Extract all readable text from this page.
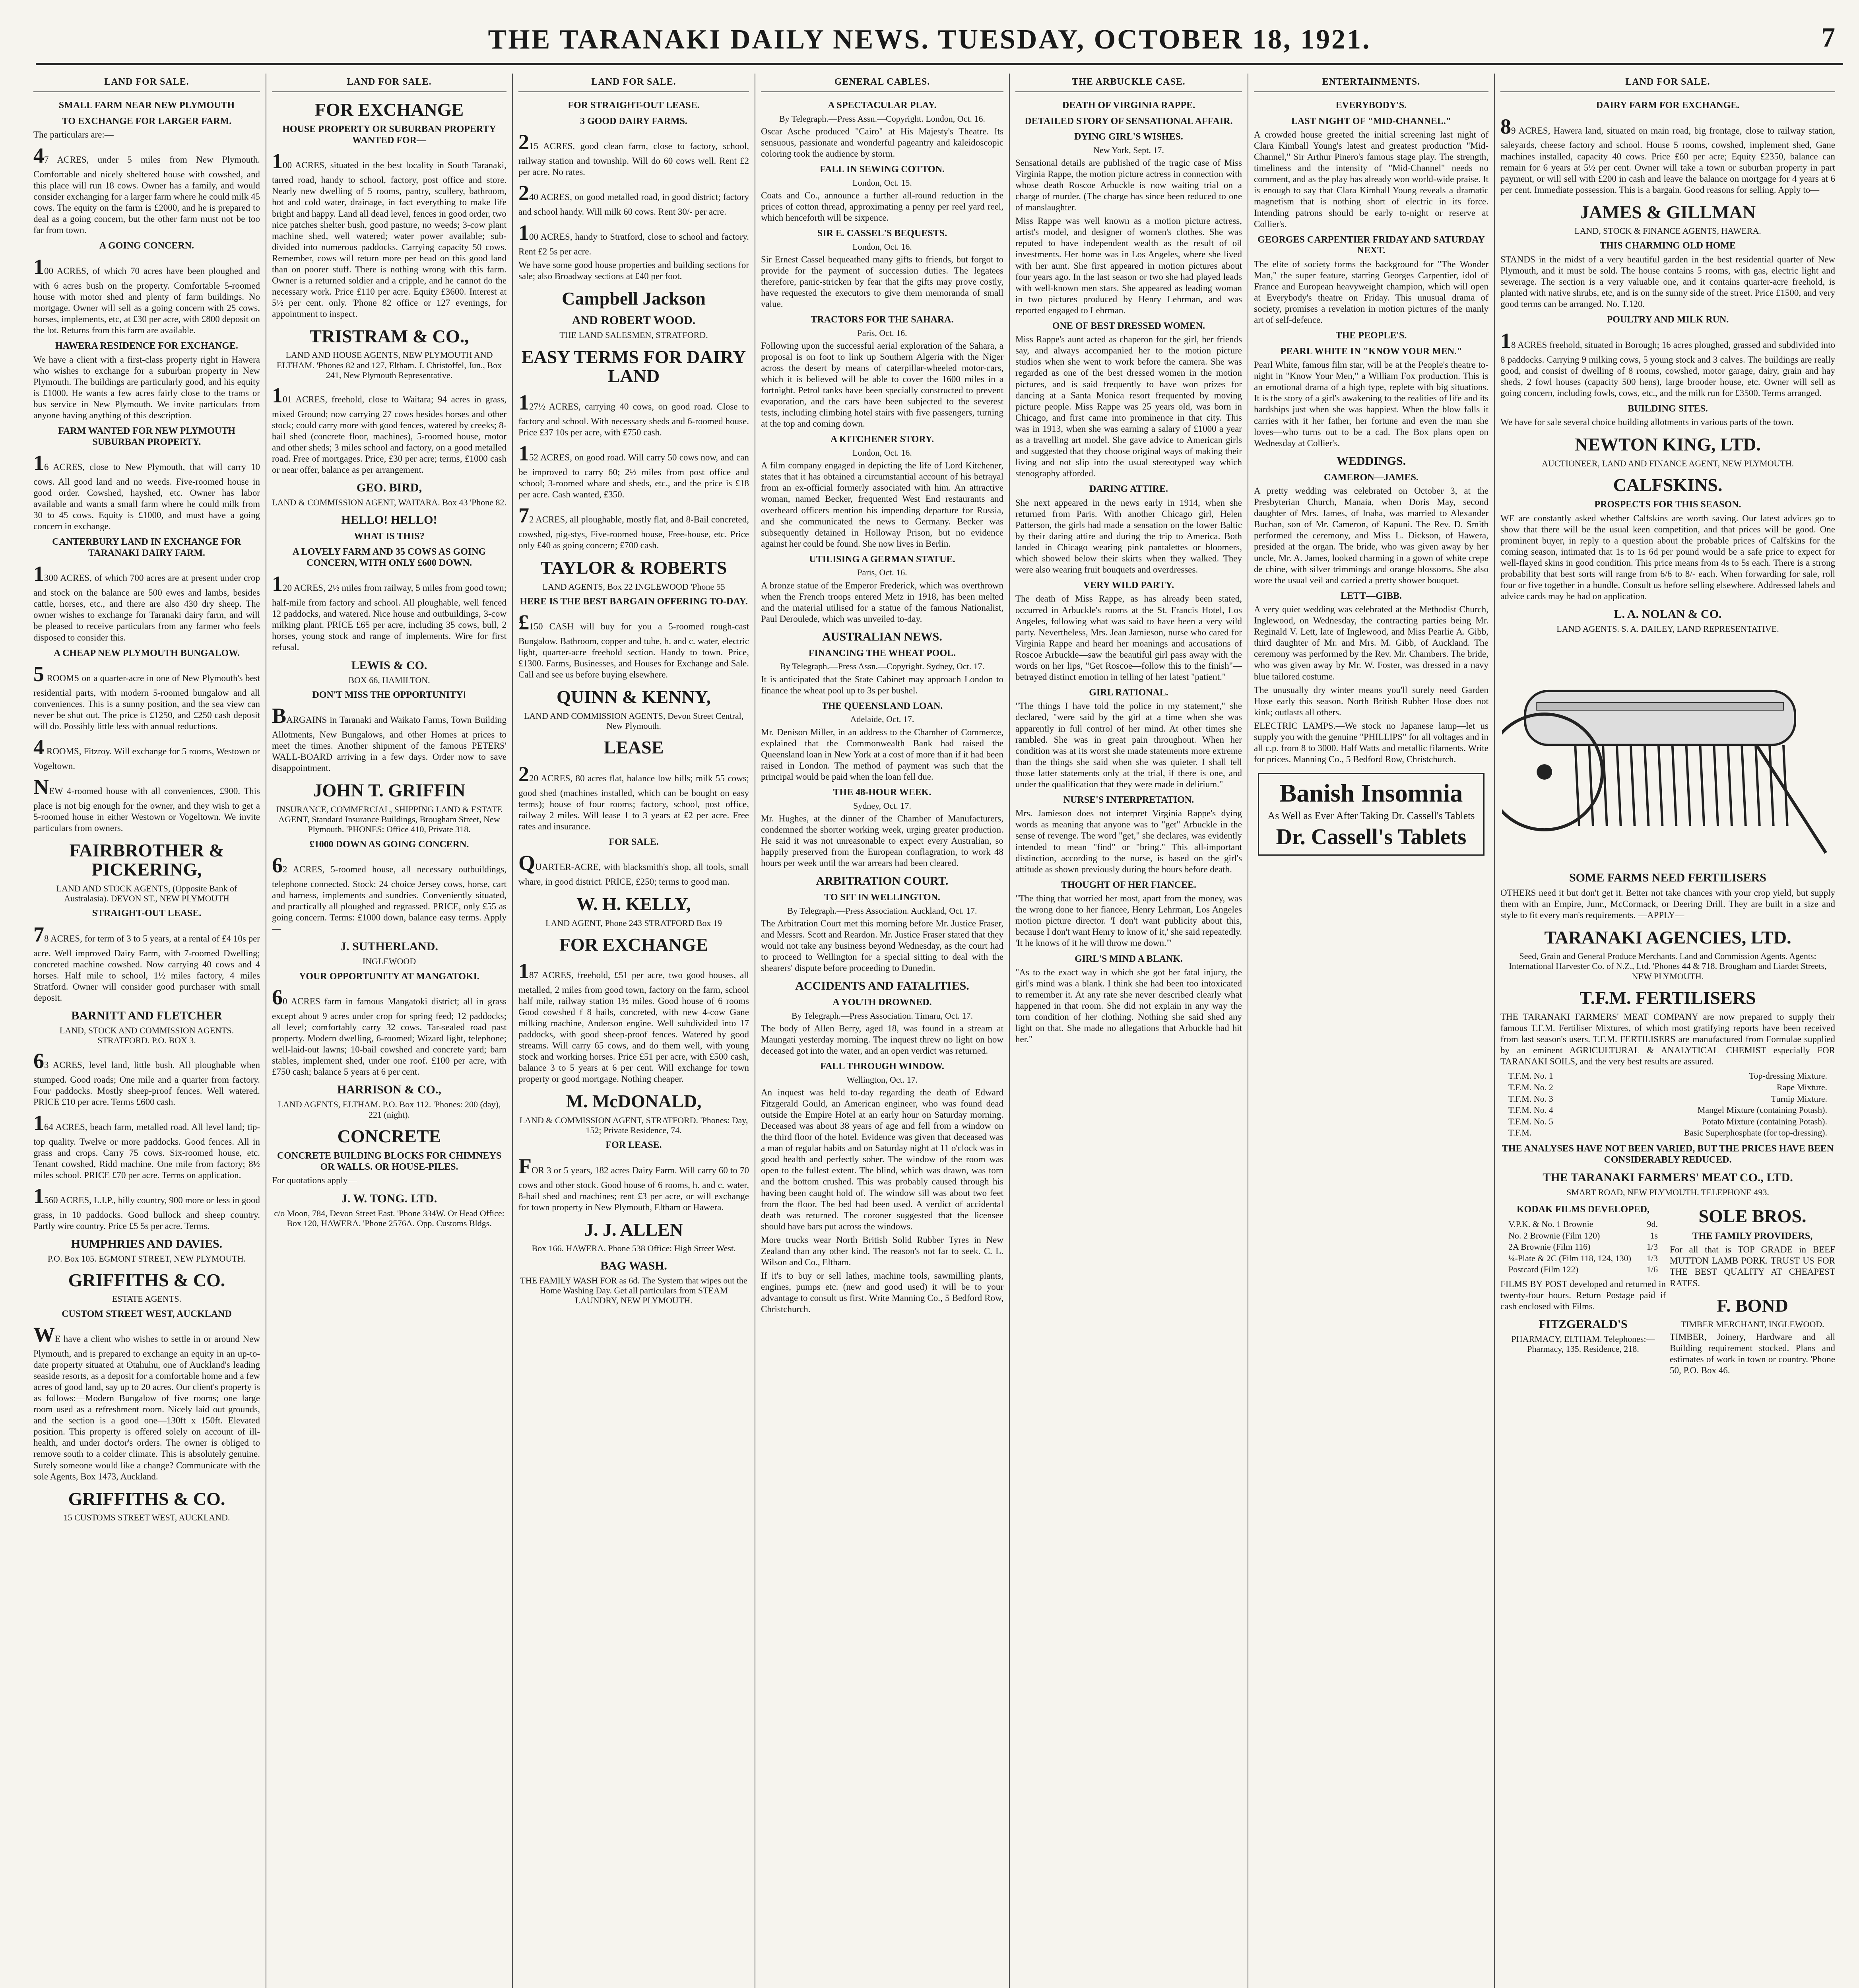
THE TARANAKI DAILY NEWS. TUESDAY, OCTOBER 18, 1921.	7
LAND FOR SALE.
SMALL FARM NEAR NEW PLYMOUTH
TO EXCHANGE FOR LARGER FARM.
The particulars are:—
47 ACRES, under 5 miles from New Plymouth. Comfortable and nicely sheltered house with cowshed, and this place will run 18 cows. Owner has a family, and would consider exchanging for a larger farm where he could milk 45 cows. The equity on the farm is £2000, and he is prepared to deal as a going concern, but the other farm must not be too far from town.
A GOING CONCERN.
100 ACRES, of which 70 acres have been ploughed and with 6 acres bush on the property. Comfortable 5-roomed house with motor shed and plenty of farm buildings. No mortgage. Owner will sell as a going concern with 25 cows, horses, implements, etc, at £30 per acre, with £800 deposit on the lot. Returns from this farm are available.
HAWERA RESIDENCE FOR EXCHANGE.
We have a client with a first-class property right in Hawera who wishes to exchange for a suburban property in New Plymouth. The buildings are particularly good, and his equity is £1000. He wants a few acres fairly close to the trams or bus service in New Plymouth. We invite particulars from anyone having anything of this description.
FARM WANTED FOR NEW PLYMOUTH SUBURBAN PROPERTY.
16 ACRES, close to New Plymouth, that will carry 10 cows. All good land and no weeds. Five-roomed house in good order. Cowshed, hayshed, etc. Owner has labor available and wants a small farm where he could milk from 30 to 45 cows. Equity is £1000, and must have a going concern in exchange.
CANTERBURY LAND IN EXCHANGE FOR TARANAKI DAIRY FARM.
1300 ACRES, of which 700 acres are at present under crop and stock on the balance are 500 ewes and lambs, besides cattle, horses, etc., and there are also 430 dry sheep. The owner wishes to exchange for Taranaki dairy farm, and will be pleased to receive particulars from any farmer who feels disposed to consider this.
A CHEAP NEW PLYMOUTH BUNGALOW.
5 ROOMS on a quarter-acre in one of New Plymouth's best residential parts, with modern 5-roomed bungalow and all conveniences. This is a sunny position, and the sea view can never be shut out. The price is £1250, and £250 cash deposit will do. Possibly little less with annual reductions.
4 ROOMS, Fitzroy. Will exchange for 5 rooms, Westown or Vogeltown.
NEW 4-roomed house with all conveniences, £900. This place is not big enough for the owner, and they wish to get a 5-roomed house in either Westown or Vogeltown. We invite particulars from owners.
FAIRBROTHER & PICKERING,
LAND AND STOCK AGENTS, (Opposite Bank of Australasia). DEVON ST., NEW PLYMOUTH
STRAIGHT-OUT LEASE.
78 ACRES, for term of 3 to 5 years, at a rental of £4 10s per acre. Well improved Dairy Farm, with 7-roomed Dwelling; concreted machine cowshed. Now carrying 40 cows and 4 horses. Half mile to school, 1½ miles factory, 4 miles Stratford. Owner will consider good purchaser with small deposit.
BARNITT AND FLETCHER
LAND, STOCK AND COMMISSION AGENTS. STRATFORD. P.O. BOX 3.
63 ACRES, level land, little bush. All ploughable when stumped. Good roads; One mile and a quarter from factory. Four paddocks. Mostly sheep-proof fences. Well watered. PRICE £10 per acre. Terms £600 cash.
164 ACRES, beach farm, metalled road. All level land; tip-top quality. Twelve or more paddocks. Good fences. All in grass and crops. Carry 75 cows. Six-roomed house, etc. Tenant cowshed, Ridd machine. One mile from factory; 8½ miles school. PRICE £70 per acre. Terms on application.
1560 ACRES, L.I.P., hilly country, 900 more or less in good grass, in 10 paddocks. Good bullock and sheep country. Partly wire country. Price £5 5s per acre. Terms.
HUMPHRIES AND DAVIES.
P.O. Box 105. EGMONT STREET, NEW PLYMOUTH.
GRIFFITHS & CO.
ESTATE AGENTS.
CUSTOM STREET WEST, AUCKLAND
WE have a client who wishes to settle in or around New Plymouth, and is prepared to exchange an equity in an up-to-date property situated at Otahuhu, one of Auckland's leading seaside resorts, as a deposit for a comfortable home and a few acres of good land, say up to 20 acres. Our client's property is as follows:—Modern Bungalow of five rooms; one large room used as a refreshment room. Nicely laid out grounds, and the section is a good one—130ft x 150ft. Elevated position. This property is offered solely on account of ill-health, and under doctor's orders. The owner is obliged to remove south to a colder climate. This is absolutely genuine. Surely someone would like a change? Communicate with the sole Agents, Box 1473, Auckland.
GRIFFITHS & CO.
15 CUSTOMS STREET WEST, AUCKLAND.
LAND FOR SALE.
FOR EXCHANGE
HOUSE PROPERTY OR SUBURBAN PROPERTY WANTED FOR—
100 ACRES, situated in the best locality in South Taranaki, tarred road, handy to school, factory, post office and store. Nearly new dwelling of 5 rooms, pantry, scullery, bathroom, hot and cold water, drainage, in fact everything to make life bright and happy. Land all dead level, fences in good order, two nice patches shelter bush, good pasture, no weeds; 3-cow plant machine shed, well watered; water power available; sub-divided into numerous paddocks. Carrying capacity 50 cows. Remember, cows will return more per head on this good land than on poorer stuff. There is nothing wrong with this farm. Owner is a returned soldier and a cripple, and he cannot do the necessary work. Price £110 per acre. Equity £3600. Interest at 5½ per cent. only. 'Phone 82 office or 127 evenings, for appointment to inspect.
TRISTRAM & CO.,
LAND AND HOUSE AGENTS, NEW PLYMOUTH AND ELTHAM. 'Phones 82 and 127, Eltham. J. Christoffel, Jun., Box 241, New Plymouth Representative.
101 ACRES, freehold, close to Waitara; 94 acres in grass, mixed Ground; now carrying 27 cows besides horses and other stock; could carry more with good fences, watered by creeks; 8-bail shed (concrete floor, machines), 5-roomed house, motor and other sheds; 3 miles school and factory, on a good metalled road. Free of mortgages. Price, £30 per acre; terms, £1000 cash or near offer, balance as per arrangement.
GEO. BIRD,
LAND & COMMISSION AGENT, WAITARA. Box 43 'Phone 82.
HELLO! HELLO!
WHAT IS THIS?
A LOVELY FARM AND 35 COWS AS GOING CONCERN, WITH ONLY £600 DOWN.
120 ACRES, 2½ miles from railway, 5 miles from good town; half-mile from factory and school. All ploughable, well fenced 12 paddocks, and watered. Nice house and outbuildings, 3-cow milking plant. PRICE £65 per acre, including 35 cows, bull, 2 horses, young stock and range of implements. Wire for first refusal.
LEWIS & CO.
BOX 66, HAMILTON.
DON'T MISS THE OPPORTUNITY!
BARGAINS in Taranaki and Waikato Farms, Town Building Allotments, New Bungalows, and other Homes at prices to meet the times. Another shipment of the famous PETERS' WALL-BOARD arriving in a few days. Order now to save disappointment.
JOHN T. GRIFFIN
INSURANCE, COMMERCIAL, SHIPPING LAND & ESTATE AGENT, Standard Insurance Buildings, Brougham Street, New Plymouth. 'PHONES: Office 410, Private 318.
£1000 DOWN AS GOING CONCERN.
62 ACRES, 5-roomed house, all necessary outbuildings, telephone connected. Stock: 24 choice Jersey cows, horse, cart and harness, implements and sundries. Conveniently situated, and practically all ploughed and regrassed. PRICE, only £55 as going concern. Terms: £1000 down, balance easy terms. Apply—
J. SUTHERLAND.
INGLEWOOD
YOUR OPPORTUNITY AT MANGATOKI.
60 ACRES farm in famous Mangatoki district; all in grass except about 9 acres under crop for spring feed; 12 paddocks; all level; comfortably carry 32 cows. Tar-sealed road past property. Modern dwelling, 6-roomed; Wizard light, telephone; well-laid-out lawns; 10-bail cowshed and concrete yard; barn stables, implement shed, under one roof. £100 per acre, with £750 cash; balance 5 years at 6 per cent.
HARRISON & CO.,
LAND AGENTS, ELTHAM. P.O. Box 112. 'Phones: 200 (day), 221 (night).
CONCRETE
CONCRETE BUILDING BLOCKS FOR CHIMNEYS OR WALLS. OR HOUSE-PILES.
For quotations apply—
J. W. TONG. LTD.
c/o Moon, 784, Devon Street East. 'Phone 334W. Or Head Office: Box 120, HAWERA. 'Phone 2576A. Opp. Customs Bldgs.
LAND FOR SALE.
FOR STRAIGHT-OUT LEASE.
3 GOOD DAIRY FARMS.
215 ACRES, good clean farm, close to factory, school, railway station and township. Will do 60 cows well. Rent £2 per acre. No rates.
240 ACRES, on good metalled road, in good district; factory and school handy. Will milk 60 cows. Rent 30/- per acre.
100 ACRES, handy to Stratford, close to school and factory. Rent £2 5s per acre.
We have some good house properties and building sections for sale; also Broadway sections at £40 per foot.
Campbell Jackson
AND ROBERT WOOD.
THE LAND SALESMEN, STRATFORD.
EASY TERMS FOR DAIRY LAND
127½ ACRES, carrying 40 cows, on good road. Close to factory and school. With necessary sheds and 6-roomed house. Price £37 10s per acre, with £750 cash.
152 ACRES, on good road. Will carry 50 cows now, and can be improved to carry 60; 2½ miles from post office and school; 3-roomed whare and sheds, etc., and the price is £18 per acre. Cash wanted, £350.
72 ACRES, all ploughable, mostly flat, and 8-Bail concreted, cowshed, pig-stys, Five-roomed house, Free-house, etc. Price only £40 as going concern; £700 cash.
TAYLOR & ROBERTS
LAND AGENTS, Box 22 INGLEWOOD 'Phone 55
HERE IS THE BEST BARGAIN OFFERING TO-DAY.
£150 CASH will buy for you a 5-roomed rough-cast Bungalow. Bathroom, copper and tube, h. and c. water, electric light, quarter-acre freehold section. Handy to town. Price, £1300. Farms, Businesses, and Houses for Exchange and Sale. Call and see us before buying elsewhere.
QUINN & KENNY,
LAND AND COMMISSION AGENTS, Devon Street Central, New Plymouth.
LEASE
220 ACRES, 80 acres flat, balance low hills; milk 55 cows; good shed (machines installed, which can be bought on easy terms); house of four rooms; factory, school, post office, railway 2 miles. Will lease 1 to 3 years at £2 per acre. Free rates and insurance.
FOR SALE.
QUARTER-ACRE, with blacksmith's shop, all tools, small whare, in good district. PRICE, £250; terms to good man.
W. H. KELLY,
LAND AGENT, Phone 243 STRATFORD Box 19
FOR EXCHANGE
187 ACRES, freehold, £51 per acre, two good houses, all metalled, 2 miles from good town, factory on the farm, school half mile, railway station 1½ miles. Good house of 6 rooms Good cowshed f 8 bails, concreted, with new 4-cow Gane milking machine, Anderson engine. Well subdivided into 17 paddocks, with good sheep-proof fences. Watered by good streams. Will carry 65 cows, and do them well, with young stock and working horses. Price £51 per acre, with £500 cash, balance 3 to 5 years at 6 per cent. Will exchange for town property or good mortgage. Nothing cheaper.
M. McDONALD,
LAND & COMMISSION AGENT, STRATFORD. 'Phones: Day, 152; Private Residence, 74.
FOR LEASE.
FOR 3 or 5 years, 182 acres Dairy Farm. Will carry 60 to 70 cows and other stock. Good house of 6 rooms, h. and c. water, 8-bail shed and machines; rent £3 per acre, or will exchange for town property in New Plymouth, Eltham or Hawera.
J. J. ALLEN
Box 166. HAWERA. Phone 538 Office: High Street West.
BAG WASH.
THE FAMILY WASH FOR as 6d. The System that wipes out the Home Washing Day. Get all particulars from STEAM LAUNDRY, NEW PLYMOUTH.
GENERAL CABLES.
A SPECTACULAR PLAY.
By Telegraph.—Press Assn.—Copyright. London, Oct. 16.
Oscar Asche produced "Cairo" at His Majesty's Theatre. Its sensuous, passionate and wonderful pageantry and kaleidoscopic coloring took the audience by storm.
FALL IN SEWING COTTON.
London, Oct. 15.
Coats and Co., announce a further all-round reduction in the prices of cotton thread, approximating a penny per reel yard reel, which henceforth will be sixpence.
SIR E. CASSEL'S BEQUESTS.
London, Oct. 16.
Sir Ernest Cassel bequeathed many gifts to friends, but forgot to provide for the payment of succession duties. The legatees therefore, panic-stricken by fear that the gifts may prove costly, have requested the executors to give them memoranda of small value.
TRACTORS FOR THE SAHARA.
Paris, Oct. 16.
Following upon the successful aerial exploration of the Sahara, a proposal is on foot to link up Southern Algeria with the Niger across the desert by means of caterpillar-wheeled motor-cars, which it is believed will be able to cover the 1600 miles in a fortnight. Petrol tanks have been specially constructed to prevent evaporation, and the cars have been subjected to the severest tests, including climbing hotel stairs with five passengers, turning at the top and coming down.
A KITCHENER STORY.
London, Oct. 16.
A film company engaged in depicting the life of Lord Kitchener, states that it has obtained a circumstantial account of his betrayal from an ex-official formerly associated with him. An attractive woman, named Becker, frequented West End restaurants and overheard officers mention his impending departure for Russia, and she communicated the news to Germany. Becker was subsequently detained in Holloway Prison, but no evidence against her could be found. She now lives in Berlin.
UTILISING A GERMAN STATUE.
Paris, Oct. 16.
A bronze statue of the Emperor Frederick, which was overthrown when the French troops entered Metz in 1918, has been melted and the material utilised for a statue of the famous Nationalist, Paul Deroulede, which was unveiled to-day.
AUSTRALIAN NEWS.
FINANCING THE WHEAT POOL.
By Telegraph.—Press Assn.—Copyright. Sydney, Oct. 17.
It is anticipated that the State Cabinet may approach London to finance the wheat pool up to 3s per bushel.
THE QUEENSLAND LOAN.
Adelaide, Oct. 17.
Mr. Denison Miller, in an address to the Chamber of Commerce, explained that the Commonwealth Bank had raised the Queensland loan in New York at a cost of more than if it had been raised in London. The method of payment was such that the principal would be paid when the loan fell due.
THE 48-HOUR WEEK.
Sydney, Oct. 17.
Mr. Hughes, at the dinner of the Chamber of Manufacturers, condemned the shorter working week, urging greater production. He said it was not unreasonable to expect every Australian, so happily preserved from the European conflagration, to work 48 hours per week until the war arrears had been cleared.
ARBITRATION COURT.
TO SIT IN WELLINGTON.
By Telegraph.—Press Association. Auckland, Oct. 17.
The Arbitration Court met this morning before Mr. Justice Fraser, and Messrs. Scott and Reardon. Mr. Justice Fraser stated that they would not take any business beyond Wednesday, as the court had to proceed to Wellington for a special sitting to deal with the shearers' dispute before proceeding to Dunedin.
ACCIDENTS AND FATALITIES.
A YOUTH DROWNED.
By Telegraph.—Press Association. Timaru, Oct. 17.
The body of Allen Berry, aged 18, was found in a stream at Maungati yesterday morning. The inquest threw no light on how deceased got into the water, and an open verdict was returned.
FALL THROUGH WINDOW.
Wellington, Oct. 17.
An inquest was held to-day regarding the death of Edward Fitzgerald Gould, an American engineer, who was found dead outside the Empire Hotel at an early hour on Saturday morning. Deceased was about 38 years of age and fell from a window on the third floor of the hotel. Evidence was given that deceased was a man of regular habits and on Saturday night at 11 o'clock was in good health and perfectly sober. The window of the room was open to the fullest extent. The blind, which was drawn, was torn and the bottom crushed. This was probably caused through his having been caught hold of. The window sill was about two feet from the floor. The bed had been used. A verdict of accidental death was returned. The coroner suggested that the licensee should have bars put across the windows.
More trucks wear North British Solid Rubber Tyres in New Zealand than any other kind. The reason's not far to seek. C. L. Wilson and Co., Eltham.
If it's to buy or sell lathes, machine tools, sawmilling plants, engines, pumps etc. (new and good used) it will be to your advantage to consult us first. Write Manning Co., 5 Bedford Row, Christchurch.
THE ARBUCKLE CASE.
DEATH OF VIRGINIA RAPPE.
DETAILED STORY OF SENSATIONAL AFFAIR.
DYING GIRL'S WISHES.
New York, Sept. 17.
Sensational details are published of the tragic case of Miss Virginia Rappe, the motion picture actress in connection with whose death Roscoe Arbuckle is now waiting trial on a charge of murder. (The charge has since been reduced to one of manslaughter.
Miss Rappe was well known as a motion picture actress, artist's model, and designer of women's clothes. She was reputed to have independent wealth as the result of oil investments. Her home was in Los Angeles, where she lived with her aunt. She first appeared in motion pictures about four years ago. In the last season or two she had played leads with well-known men stars. She appeared as leading woman in two pictures produced by Henry Lehrman, and was reported engaged to Lehrman.
ONE OF BEST DRESSED WOMEN.
Miss Rappe's aunt acted as chaperon for the girl, her friends say, and always accompanied her to the motion picture studios when she went to work before the camera. She was regarded as one of the best dressed women in the motion pictures, and is said frequently to have won prizes for dancing at a Santa Monica resort frequented by moving picture people. Miss Rappe was 25 years old, was born in Chicago, and first came into prominence in that city. This was in 1913, when she was earning a salary of £1000 a year as a travelling art model. She gave advice to American girls and suggested that they choose original ways of making their living and not slip into the usual stereotyped way which stenography afforded.
DARING ATTIRE.
She next appeared in the news early in 1914, when she returned from Paris. With another Chicago girl, Helen Patterson, the girls had made a sensation on the lower Baltic by their daring attire and during the trip to America. Both landed in Chicago wearing pink pantalettes or bloomers, which showed below their skirts when they walked. They were also wearing fruit bouquets and overdresses.
VERY WILD PARTY.
The death of Miss Rappe, as has already been stated, occurred in Arbuckle's rooms at the St. Francis Hotel, Los Angeles, following what was said to have been a very wild party. Nevertheless, Mrs. Jean Jamieson, nurse who cared for Virginia Rappe and heard her moanings and accusations of Roscoe Arbuckle—saw the beautiful girl pass away with the words on her lips, "Get Roscoe—follow this to the finish"—betrayed distinct emotion in telling of her latest "patient."
GIRL RATIONAL.
"The things I have told the police in my statement," she declared, "were said by the girl at a time when she was apparently in full control of her mind. At other times she rambled. She was in great pain throughout. When her condition was at its worst she made statements more extreme than the things she said when she was quieter. I shall tell those latter statements only at the trial, if there is one, and under the qualification that they were made in delirium."
NURSE'S INTERPRETATION.
Mrs. Jamieson does not interpret Virginia Rappe's dying words as meaning that anyone was to "get" Arbuckle in the sense of revenge. The word "get," she declares, was evidently intended to mean "find" or "bring." This all-important distinction, according to the nurse, is based on the girl's attitude as shown previously during the hours before death.
THOUGHT OF HER FIANCEE.
"The thing that worried her most, apart from the money, was the wrong done to her fiancee, Henry Lehrman, Los Angeles motion picture director. 'I don't want publicity about this, because I don't want Henry to know of it,' she said repeatedly. 'It he knows of it he will throw me down.'"
GIRL'S MIND A BLANK.
"As to the exact way in which she got her fatal injury, the girl's mind was a blank. I think she had been too intoxicated to remember it. At any rate she never described clearly what happened in that room. She did not explain in any way the torn condition of her clothing. Nothing she said shed any light on that. She made no allegations that Arbuckle had hit her."
ENTERTAINMENTS.
EVERYBODY'S.
LAST NIGHT OF "MID-CHANNEL."
A crowded house greeted the initial screening last night of Clara Kimball Young's latest and greatest production "Mid-Channel," Sir Arthur Pinero's famous stage play. The strength, timeliness and the intensity of "Mid-Channel" needs no comment, and as the play has already won world-wide praise. It is enough to say that Clara Kimball Young reveals a dramatic magnetism that is nothing short of electric in its force. Intending patrons should be early to-night or reserve at Collier's.
GEORGES CARPENTIER FRIDAY AND SATURDAY NEXT.
The elite of society forms the background for "The Wonder Man," the super feature, starring Georges Carpentier, idol of France and European heavyweight champion, which will open at Everybody's theatre on Friday. This unusual drama of society, promises a revelation in motion pictures of the manly art of self-defence.
THE PEOPLE'S.
PEARL WHITE IN "KNOW YOUR MEN."
Pearl White, famous film star, will be at the People's theatre to-night in "Know Your Men," a William Fox production. This is an emotional drama of a high type, replete with big situations. It is the story of a girl's awakening to the realities of life and its hardships just when she was happiest. When the blow falls it carries with it her father, her fortune and even the man she loves—who turns out to be a cad. The Box plans open on Wednesday at Collier's.
WEDDINGS.
CAMERON—JAMES.
A pretty wedding was celebrated on October 3, at the Presbyterian Church, Manaia, when Doris May, second daughter of Mrs. James, of Inaha, was married to Alexander Buchan, son of Mr. Cameron, of Kapuni. The Rev. D. Smith performed the ceremony, and Miss L. Dickson, of Hawera, presided at the organ. The bride, who was given away by her uncle, Mr. A. James, looked charming in a gown of white crepe de chine, with silver trimmings and orange blossoms. She also wore the usual veil and carried a pretty shower bouquet.
LETT—GIBB.
A very quiet wedding was celebrated at the Methodist Church, Inglewood, on Wednesday, the contracting parties being Mr. Reginald V. Lett, late of Inglewood, and Miss Pearlie A. Gibb, third daughter of Mr. and Mrs. M. Gibb, of Auckland. The ceremony was performed by the Rev. Mr. Chambers. The bride, who was given away by Mr. W. Foster, was dressed in a navy blue tailored costume.
The unusually dry winter means you'll surely need Garden Hose early this season. North British Rubber Hose does not kink; outlasts all others.
ELECTRIC LAMPS.—We stock no Japanese lamp—let us supply you with the genuine "PHILLIPS" for all voltages and in all c.p. from 8 to 3000. Half Watts and metallic filaments. Write for prices. Manning Co., 5 Bedford Row, Christchurch.
Banish Insomnia
As Well as Ever After Taking Dr. Cassell's Tablets
Dr. Cassell's Tablets
LAND FOR SALE.
DAIRY FARM FOR EXCHANGE.
89 ACRES, Hawera land, situated on main road, big frontage, close to railway station, saleyards, cheese factory and school. House 5 rooms, cowshed, implement shed, Gane machines installed, capacity 40 cows. Price £60 per acre; Equity £2350, balance can remain for 6 years at 5½ per cent. Owner will take a town or suburban property in part payment, or will sell with £200 in cash and leave the balance on mortgage for 4 years at 6 per cent. Immediate possession. This is a bargain. Good reasons for selling. Apply to—
JAMES & GILLMAN
LAND, STOCK & FINANCE AGENTS, HAWERA.
THIS CHARMING OLD HOME
STANDS in the midst of a very beautiful garden in the best residential quarter of New Plymouth, and it must be sold. The house contains 5 rooms, with gas, electric light and sewerage. The section is a very valuable one, and it contains quarter-acre freehold, is planted with native shrubs, etc, and is on the sunny side of the street. Price £1500, and very good terms can be arranged. No. T.120.
POULTRY AND MILK RUN.
18 ACRES freehold, situated in Borough; 16 acres ploughed, grassed and subdivided into 8 paddocks. Carrying 9 milking cows, 5 young stock and 3 calves. The buildings are really good, and consist of dwelling of 8 rooms, cowshed, motor garage, dairy, grain and hay sheds, 2 fowl houses (capacity 500 hens), large brooder house, etc. Owner will sell as going concern, including fowls, cows, etc., and the milk run for £3500. Terms arranged.
BUILDING SITES.
We have for sale several choice building allotments in various parts of the town.
NEWTON KING, LTD.
AUCTIONEER, LAND AND FINANCE AGENT, NEW PLYMOUTH.
CALFSKINS.
PROSPECTS FOR THIS SEASON.
WE are constantly asked whether Calfskins are worth saving. Our latest advices go to show that there will be the usual keen competition, and that prices will be good. One prominent buyer, in reply to a question about the probable prices of Calfskins for the coming season, intimated that 1s to 1s 6d per pound would be a safe price to expect for well-flayed skins in good condition. This price means from 4s to 5s each. There is a strong probability that best sorts will range from 6/6 to 8/- each. When forwarding for sale, roll four or five together in a bundle. Consult us before selling elsewhere. Addressed labels and advice cards may be had on application.
L. A. NOLAN & CO.
LAND AGENTS. S. A. DAILEY, LAND REPRESENTATIVE.
SOME FARMS NEED FERTILISERS
OTHERS need it but don't get it. Better not take chances with your crop yield, but supply them with an Empire, Junr., McCormack, or Deering Drill. They are built in a size and style to fit every man's requirements. —APPLY—
TARANAKI AGENCIES, LTD.
Seed, Grain and General Produce Merchants. Land and Commission Agents. Agents: International Harvester Co. of N.Z., Ltd. 'Phones 44 & 718. Brougham and Liardet Streets, NEW PLYMOUTH.
T.F.M. FERTILISERS
THE TARANAKI FARMERS' MEAT COMPANY are now prepared to supply their famous T.F.M. Fertiliser Mixtures, of which most gratifying reports have been received from last season's users. T.F.M. FERTILISERS are manufactured from Formulae supplied by an eminent AGRICULTURAL & ANALYTICAL CHEMIST especially FOR TARANAKI SOILS, and the very best results are assured.
T.F.M. No. 1	Top-dressing Mixture.
T.F.M. No. 2	Rape Mixture.
T.F.M. No. 3	Turnip Mixture.
T.F.M. No. 4	Mangel Mixture (containing Potash).
T.F.M. No. 5	Potato Mixture (containing Potash).
T.F.M.	Basic Superphosphate (for top-dressing).
THE ANALYSES HAVE NOT BEEN VARIED, BUT THE PRICES HAVE BEEN CONSIDERABLY REDUCED.
THE TARANAKI FARMERS' MEAT CO., LTD.
SMART ROAD, NEW PLYMOUTH. TELEPHONE 493.
KODAK FILMS DEVELOPED,
V.P.K. & No. 1 Brownie	9d.
No. 2 Brownie (Film 120)	1s
2A Brownie (Film 116)	1/3
¼-Plate & 2C (Film 118, 124, 130) 1/3
Postcard (Film 122)	1/6
FILMS BY POST developed and returned in twenty-four hours. Return Postage paid if cash enclosed with Films.
FITZGERALD'S
PHARMACY, ELTHAM. Telephones:— Pharmacy, 135. Residence, 218.
SOLE BROS.
THE FAMILY PROVIDERS,
For all that is TOP GRADE in BEEF MUTTON LAMB PORK. TRUST US FOR THE BEST QUALITY AT CHEAPEST RATES.
F. BOND
TIMBER MERCHANT, INGLEWOOD.
TIMBER, Joinery, Hardware and all Building requirement stocked. Plans and estimates of work in town or country. 'Phone 50, P.O. Box 46.
